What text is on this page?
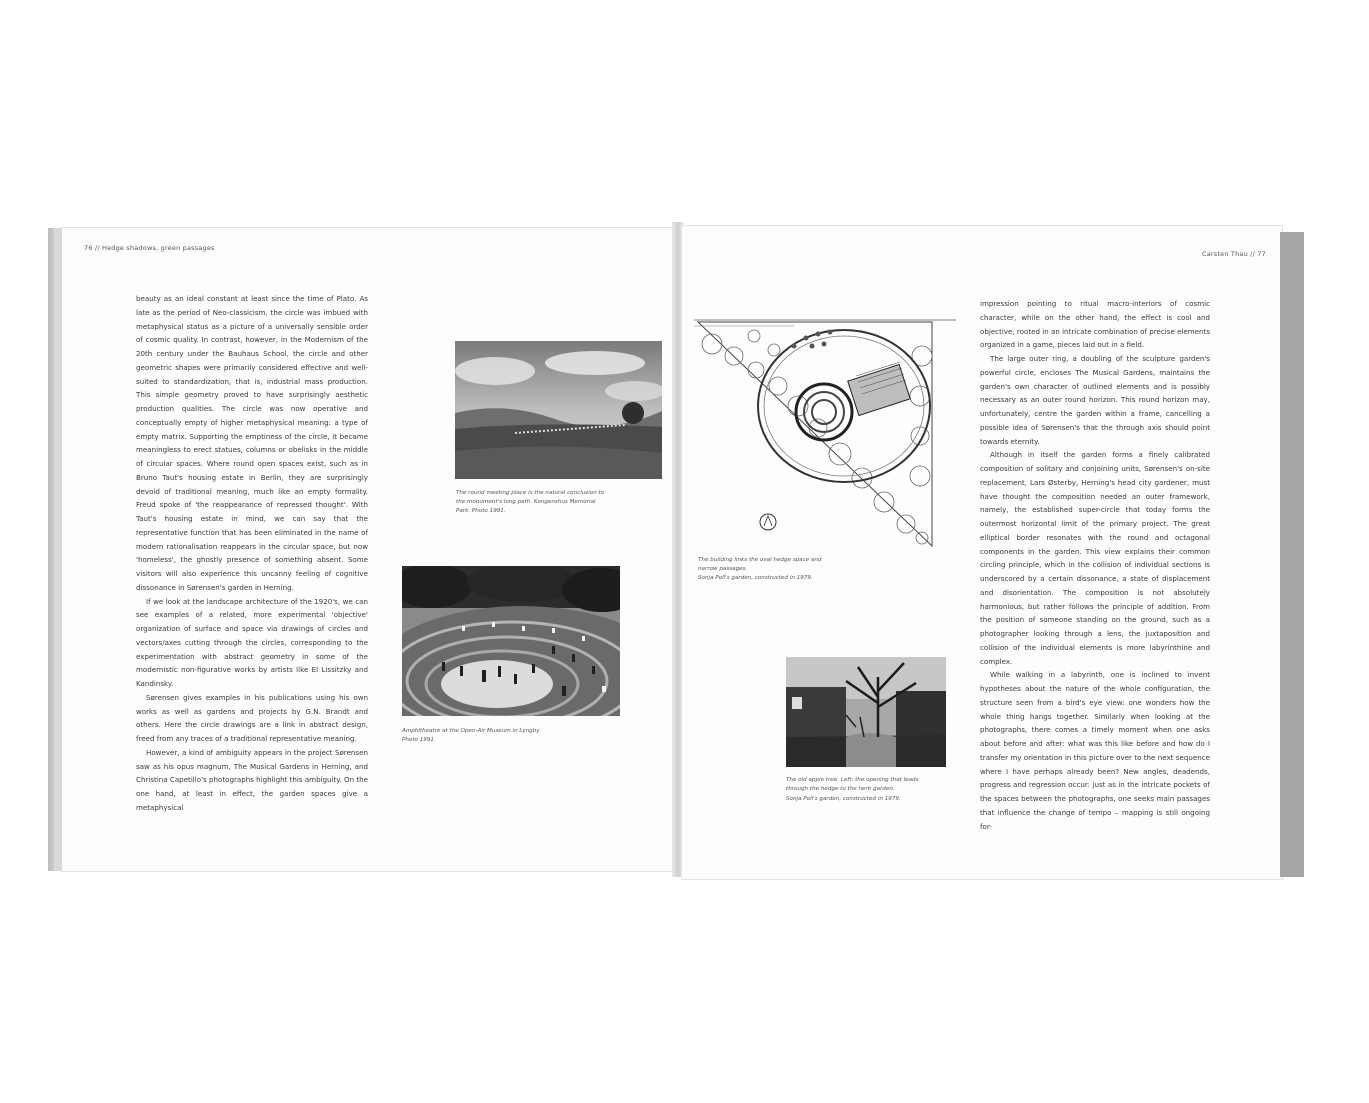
76 // Hedge shadows, green passages

beauty as an ideal constant at least since the time of Plato. As late as the period of Neo-classicism, the circle was imbued with metaphysical status as a picture of a universally sensible order of cosmic quality. In contrast, however, in the Modernism of the 20th century under the Bauhaus School, the circle and other geometric shapes were primarily considered effective and well-suited to standardization, that is, industrial mass production. This simple geometry proved to have surprisingly aesthetic production qualities. The circle was now operative and conceptually empty of higher metaphysical meaning: a type of empty matrix. Supporting the emptiness of the circle, it became meaningless to erect statues, columns or obelisks in the middle of circular spaces. Where round open spaces exist, such as in Bruno Taut's housing estate in Berlin, they are surprisingly devoid of traditional meaning, much like an empty formality. Freud spoke of 'the reappearance of repressed thought'. With Taut's housing estate in mind, we can say that the representative function that has been eliminated in the name of modern rationalisation reappears in the circular space, but now 'homeless', the ghostly presence of something absent. Some visitors will also experience this uncanny feeling of cognitive dissonance in Sørensen's garden in Herning.

If we look at the landscape architecture of the 1920's, we can see examples of a related, more experimental 'objective' organization of surface and space via drawings of circles and vectors/axes cutting through the circles, corresponding to the experimentation with abstract geometry in some of the modernistic non-figurative works by artists like El Lissitzky and Kandinsky.

Sørensen gives examples in his publications using his own works as well as gardens and projects by G.N. Brandt and others. Here the circle drawings are a link in abstract design, freed from any traces of a traditional representative meaning.

However, a kind of ambiguity appears in the project Sørensen saw as his opus magnum, The Musical Gardens in Herning, and Christina Capetillo's photographs highlight this ambiguity. On the one hand, at least in effect, the garden spaces give a metaphysical

The round meeting place is the natural conclusion to the monument's long path. Kongenshus Memorial Park. Photo 1991.
Amphitheatre at the Open-Air Museum in Lyngby. Photo 1991.
Carsten Thau // 77
The building links the oval hedge space and narrow passages.
Sonja Poll's garden, constructed in 1979.
The old apple tree. Left: the opening that leads through the hedge to the herb garden.
Sonja Poll's garden, constructed in 1979.

impression pointing to ritual macro-interiors of cosmic character, while on the other hand, the effect is cool and objective, rooted in an intricate combination of precise elements organized in a game, pieces laid out in a field.

The large outer ring, a doubling of the sculpture garden's powerful circle, encloses The Musical Gardens, maintains the garden's own character of outlined elements and is possibly necessary as an outer round horizon. This round horizon may, unfortunately, centre the garden within a frame, cancelling a possible idea of Sørensen's that the through axis should point towards eternity.

Although in itself the garden forms a finely calibrated composition of solitary and conjoining units, Sørensen's on-site replacement, Lars Østerby, Herning's head city gardener, must have thought the composition needed an outer framework, namely, the established super-circle that today forms the outermost horizontal limit of the primary project. The great elliptical border resonates with the round and octagonal components in the garden. This view explains their common circling principle, which in the collision of individual sections is underscored by a certain dissonance, a state of displacement and disorientation. The composition is not absolutely harmonious, but rather follows the principle of addition. From the position of someone standing on the ground, such as a photographer looking through a lens, the juxtaposition and collision of the individual elements is more labyrinthine and complex.

While walking in a labyrinth, one is inclined to invent hypotheses about the nature of the whole configuration, the structure seen from a bird's eye view: one wonders how the whole thing hangs together. Similarly when looking at the photographs, there comes a timely moment when one asks about before and after: what was this like before and how do I transfer my orientation in this picture over to the next sequence where I have perhaps already been? New angles, deadends, progress and regression occur: just as in the intricate pockets of the spaces between the photographs, one seeks main passages that influence the change of tempo – mapping is still ongoing for-
